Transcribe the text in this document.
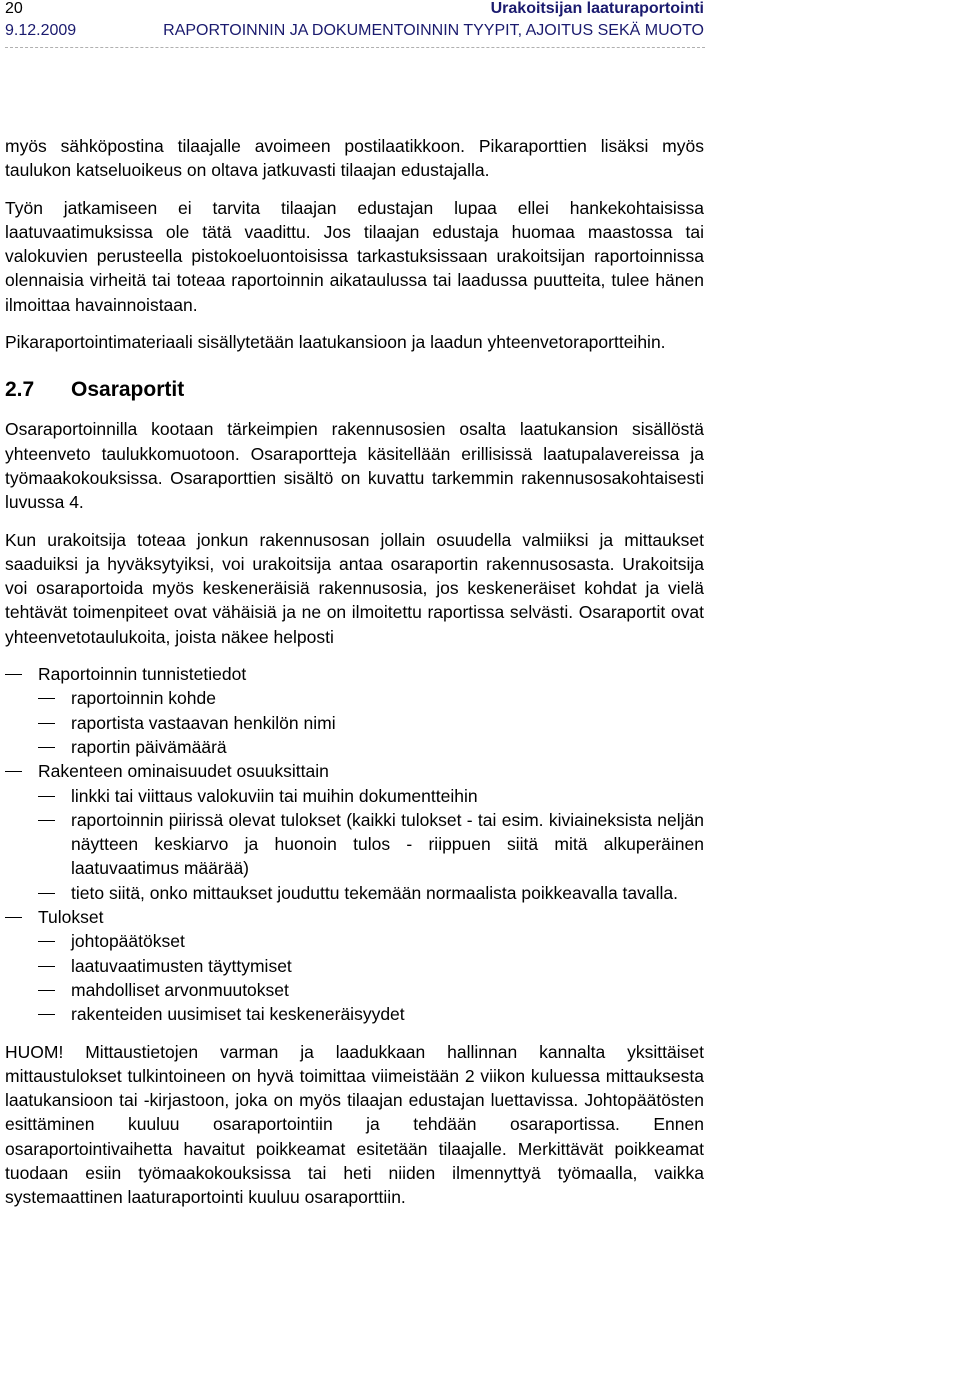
20	Urakoitsijan laaturaportointi
9.12.2009	RAPORTOINNIN JA DOKUMENTOINNIN TYYPIT, AJOITUS SEKÄ MUOTO

myös sähköpostina tilaajalle avoimeen postilaatikkoon. Pikaraporttien lisäksi myös taulukon katseluoikeus on oltava jatkuvasti tilaajan edustajalla.

Työn jatkamiseen ei tarvita tilaajan edustajan lupaa ellei hankekohtaisissa laatuvaatimuksissa ole tätä vaadittu. Jos tilaajan edustaja huomaa maastossa tai valokuvien perusteella pistokoeluontoisissa tarkastuksissaan urakoitsijan raportoinnissa olennaisia virheitä tai toteaa raportoinnin aikataulussa tai laadussa puutteita, tulee hänen ilmoittaa havainnoistaan.

Pikaraportointimateriaali sisällytetään laatukansioon ja laadun yhteenvetoraportteihin.

2.7 Osaraportit

Osaraportoinnilla kootaan tärkeimpien rakennusosien osalta laatukansion sisällöstä yhteenveto taulukkomuotoon. Osaraportteja käsitellään erillisissä laatupalavereissa ja työmaakokouksissa. Osaraporttien sisältö on kuvattu tarkemmin rakennusosakohtaisesti luvussa 4.

Kun urakoitsija toteaa jonkun rakennusosan jollain osuudella valmiiksi ja mittaukset saaduiksi ja hyväksytyiksi, voi urakoitsija antaa osaraportin rakennusosasta. Urakoitsija voi osaraportoida myös keskeneräisiä rakennusosia, jos keskeneräiset kohdat ja vielä tehtävät toimenpiteet ovat vähäisiä ja ne on ilmoitettu raportissa selvästi. Osaraportit ovat yhteenvetotaulukoita, joista näkee helposti

Raportoinnin tunnistetiedot
raportoinnin kohde
raportista vastaavan henkilön nimi
raportin päivämäärä
Rakenteen ominaisuudet osuuksittain
linkki tai viittaus valokuviin tai muihin dokumentteihin
raportoinnin piirissä olevat tulokset (kaikki tulokset - tai esim. kiviaineksista neljän näytteen keskiarvo ja huonoin tulos - riippuen siitä mitä alkuperäinen laatuvaatimus määrää)
tieto siitä, onko mittaukset jouduttu tekemään normaalista poikkeavalla tavalla.
Tulokset
johtopäätökset
laatuvaatimusten täyttymiset
mahdolliset arvonmuutokset
rakenteiden uusimiset tai keskeneräisyydet

HUOM! Mittaustietojen varman ja laadukkaan hallinnan kannalta yksittäiset mittaustulokset tulkintoineen on hyvä toimittaa viimeistään 2 viikon kuluessa mittauksesta laatukansioon tai -kirjastoon, joka on myös tilaajan edustajan luettavissa. Johtopäätösten esittäminen kuuluu osaraportointiin ja tehdään osaraportissa. Ennen osaraportointivaihetta havaitut poikkeamat esitetään tilaajalle. Merkittävät poikkeamat tuodaan esiin työmaakokouksissa tai heti niiden ilmennyttyä työmaalla, vaikka systemaattinen laaturaportointi kuuluu osaraporttiin.
